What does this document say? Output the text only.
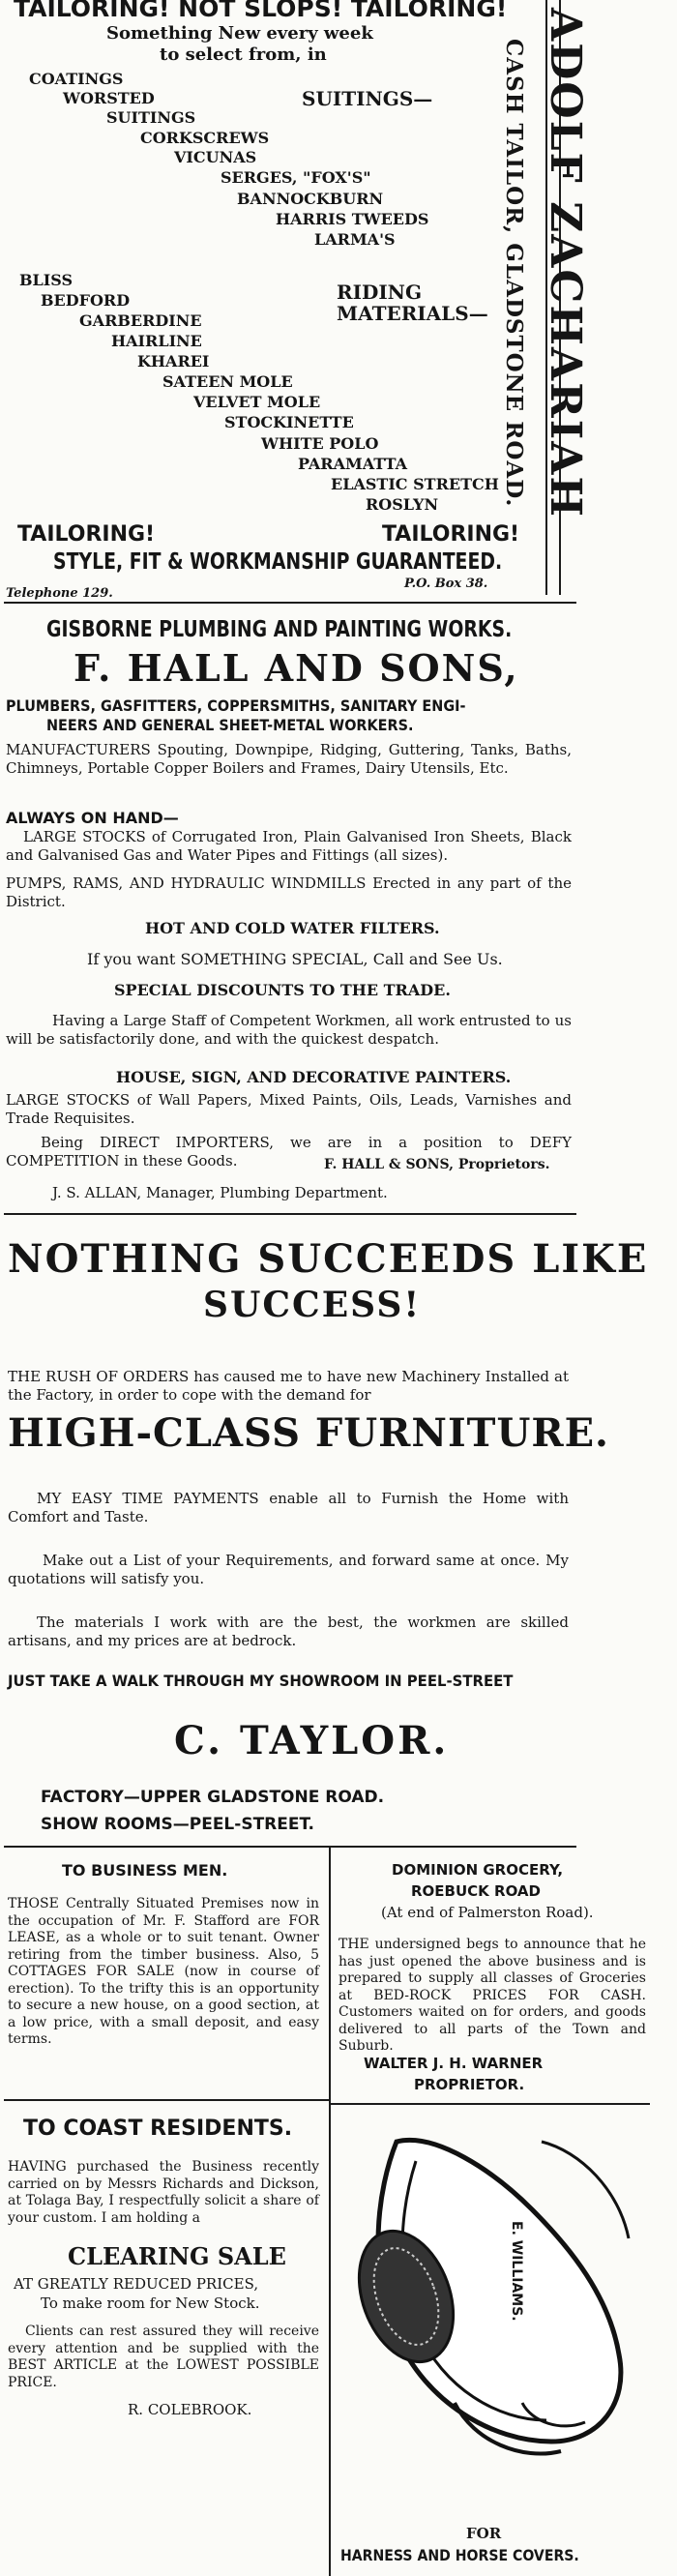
TAILORING! NOT SLOPS! TAILORING!
Something New every week
to select from, in
COATINGS
WORSTED
SUITINGS
CORKSCREWS
VICUNAS
SERGES, "FOX'S"
BANNOCKBURN
HARRIS TWEEDS
LARMA'S
SUITINGS—
BLISS
BEDFORD
GARBERDINE
HAIRLINE
KHAREI
SATEEN MOLE
VELVET MOLE
STOCKINETTE
WHITE POLO
PARAMATTA
ELASTIC STRETCH
ROSLYN
RIDING
MATERIALS—
TAILORING!	TAILORING!
STYLE, FIT & WORKMANSHIP GUARANTEED.
Telephone 129.
P.O. Box 38.
ADOLF ZACHARIAH
CASH TAILOR, GLADSTONE ROAD.
GISBORNE PLUMBING AND PAINTING WORKS.
F. HALL AND SONS,
PLUMBERS, GASFITTERS, COPPERSMITHS, SANITARY ENGI-
NEERS AND GENERAL SHEET-METAL WORKERS.
MANUFACTURERS Spouting, Downpipe, Ridging, Guttering, Tanks, Baths, Chimneys, Portable Copper Boilers and Frames, Dairy Utensils, Etc.
ALWAYS ON HAND—
LARGE STOCKS of Corrugated Iron, Plain Galvanised Iron Sheets, Black and Galvanised Gas and Water Pipes and Fittings (all sizes).
PUMPS, RAMS, AND HYDRAULIC WINDMILLS Erected in any part of the District.
HOT AND COLD WATER FILTERS.
If you want SOMETHING SPECIAL, Call and See Us.
SPECIAL DISCOUNTS TO THE TRADE.
Having a Large Staff of Competent Workmen, all work entrusted to us will be satisfactorily done, and with the quickest despatch.
HOUSE, SIGN, AND DECORATIVE PAINTERS.
LARGE STOCKS of Wall Papers, Mixed Paints, Oils, Leads, Varnishes and Trade Requisites.
Being DIRECT IMPORTERS, we are in a position to DEFY COMPETITION in these Goods.	F. HALL & SONS, Proprietors.
J. S. ALLAN, Manager, Plumbing Department.
NOTHING SUCCEEDS LIKE
SUCCESS!
THE RUSH OF ORDERS has caused me to have new Machinery Installed at the Factory, in order to cope with the demand for
HIGH-CLASS FURNITURE.
MY EASY TIME PAYMENTS enable all to Furnish the Home with Comfort and Taste.
Make out a List of your Requirements, and forward same at once. My quotations will satisfy you.
The materials I work with are the best, the workmen are skilled artisans, and my prices are at bedrock.
JUST TAKE A WALK THROUGH MY SHOWROOM IN PEEL-STREET
C. TAYLOR.
FACTORY—UPPER GLADSTONE ROAD.
SHOW ROOMS—PEEL-STREET.
TO BUSINESS MEN.
THOSE Centrally Situated Premises now in the occupation of Mr. F. Stafford are FOR LEASE, as a whole or to suit tenant. Owner retiring from the timber business. Also, 5 COTTAGES FOR SALE (now in course of erection). To the trifty this is an opportunity to secure a new house, on a good section, at a low price, with a small deposit, and easy terms.
TO COAST RESIDENTS.
HAVING purchased the Business recently carried on by Messrs Richards and Dickson, at Tolaga Bay, I respectfully solicit a share of your custom. I am holding a
CLEARING SALE
AT GREATLY REDUCED PRICES,
To make room for New Stock.
Clients can rest assured they will receive every attention and be supplied with the BEST ARTICLE at the LOWEST POSSIBLE PRICE.
R. COLEBROOK.
DOMINION GROCERY,
ROEBUCK ROAD
(At end of Palmerston Road).
THE undersigned begs to announce that he has just opened the above business and is prepared to supply all classes of Groceries at BED-ROCK PRICES FOR CASH. Customers waited on for orders, and goods delivered to all parts of the Town and Suburb.
WALTER J. H. WARNER
PROPRIETOR.
E. WILLIAMS.
FOR
HARNESS AND HORSE COVERS.
